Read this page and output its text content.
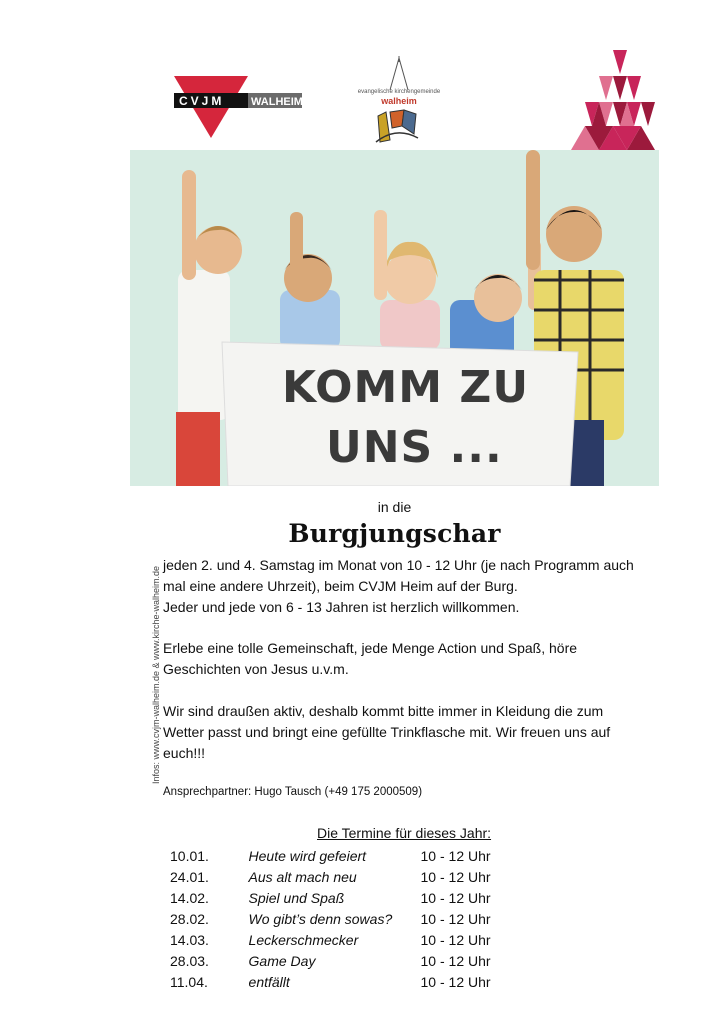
CVJM WALHEIM
evangelische kirchengemeinde
walheim
KOMM ZU
UNS ...
in die
Burgjungschar
Infos: www.cvjm-walheim.de & www.kirche-walheim.de
jeden 2. und 4. Samstag im Monat von 10 - 12 Uhr (je nach Programm auch
mal eine andere Uhrzeit), beim CVJM Heim auf der Burg.
Jeder und jede von 6 - 13 Jahren ist herzlich willkommen.
Erlebe eine tolle Gemeinschaft, jede Menge Action und Spaß, höre
Geschichten von Jesus u.v.m.
Wir sind draußen aktiv, deshalb kommt bitte immer in Kleidung die zum
Wetter passt und bringt eine gefüllte Trinkflasche mit. Wir freuen uns auf
euch!!!
Ansprechpartner: Hugo Tausch (+49 175 2000509)
Die Termine für dieses Jahr:
10.01.	Heute wird gefeiert	10 - 12 Uhr
24.01.	Aus alt mach neu	10 - 12 Uhr
14.02.	Spiel und Spaß	10 - 12 Uhr
28.02.	Wo gibt’s denn sowas?	10 - 12 Uhr
14.03.	Leckerschmecker	10 - 12 Uhr
28.03.	Game Day	10 - 12 Uhr
11.04.	entfällt	10 - 12 Uhr
